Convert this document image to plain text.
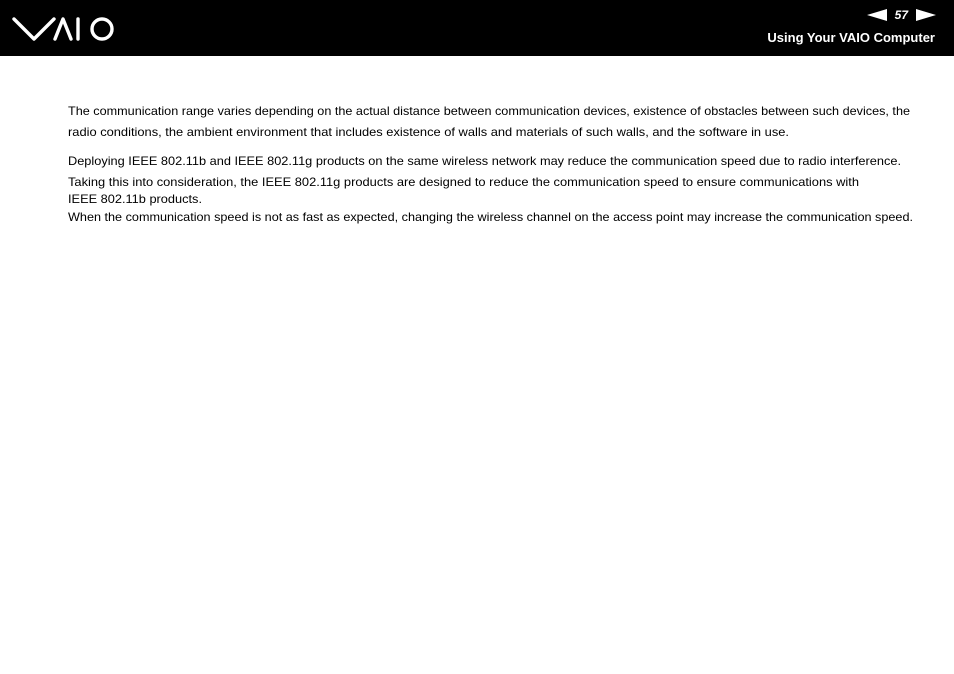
57
Using Your VAIO Computer

The communication range varies depending on the actual distance between communication devices, existence of obstacles between such devices, the
radio conditions, the ambient environment that includes existence of walls and materials of such walls, and the software in use.

Deploying IEEE 802.11b and IEEE 802.11g products on the same wireless network may reduce the communication speed due to radio interference.

Taking this into consideration, the IEEE 802.11g products are designed to reduce the communication speed to ensure communications with
IEEE 802.11b products.

When the communication speed is not as fast as expected, changing the wireless channel on the access point may increase the communication speed.
